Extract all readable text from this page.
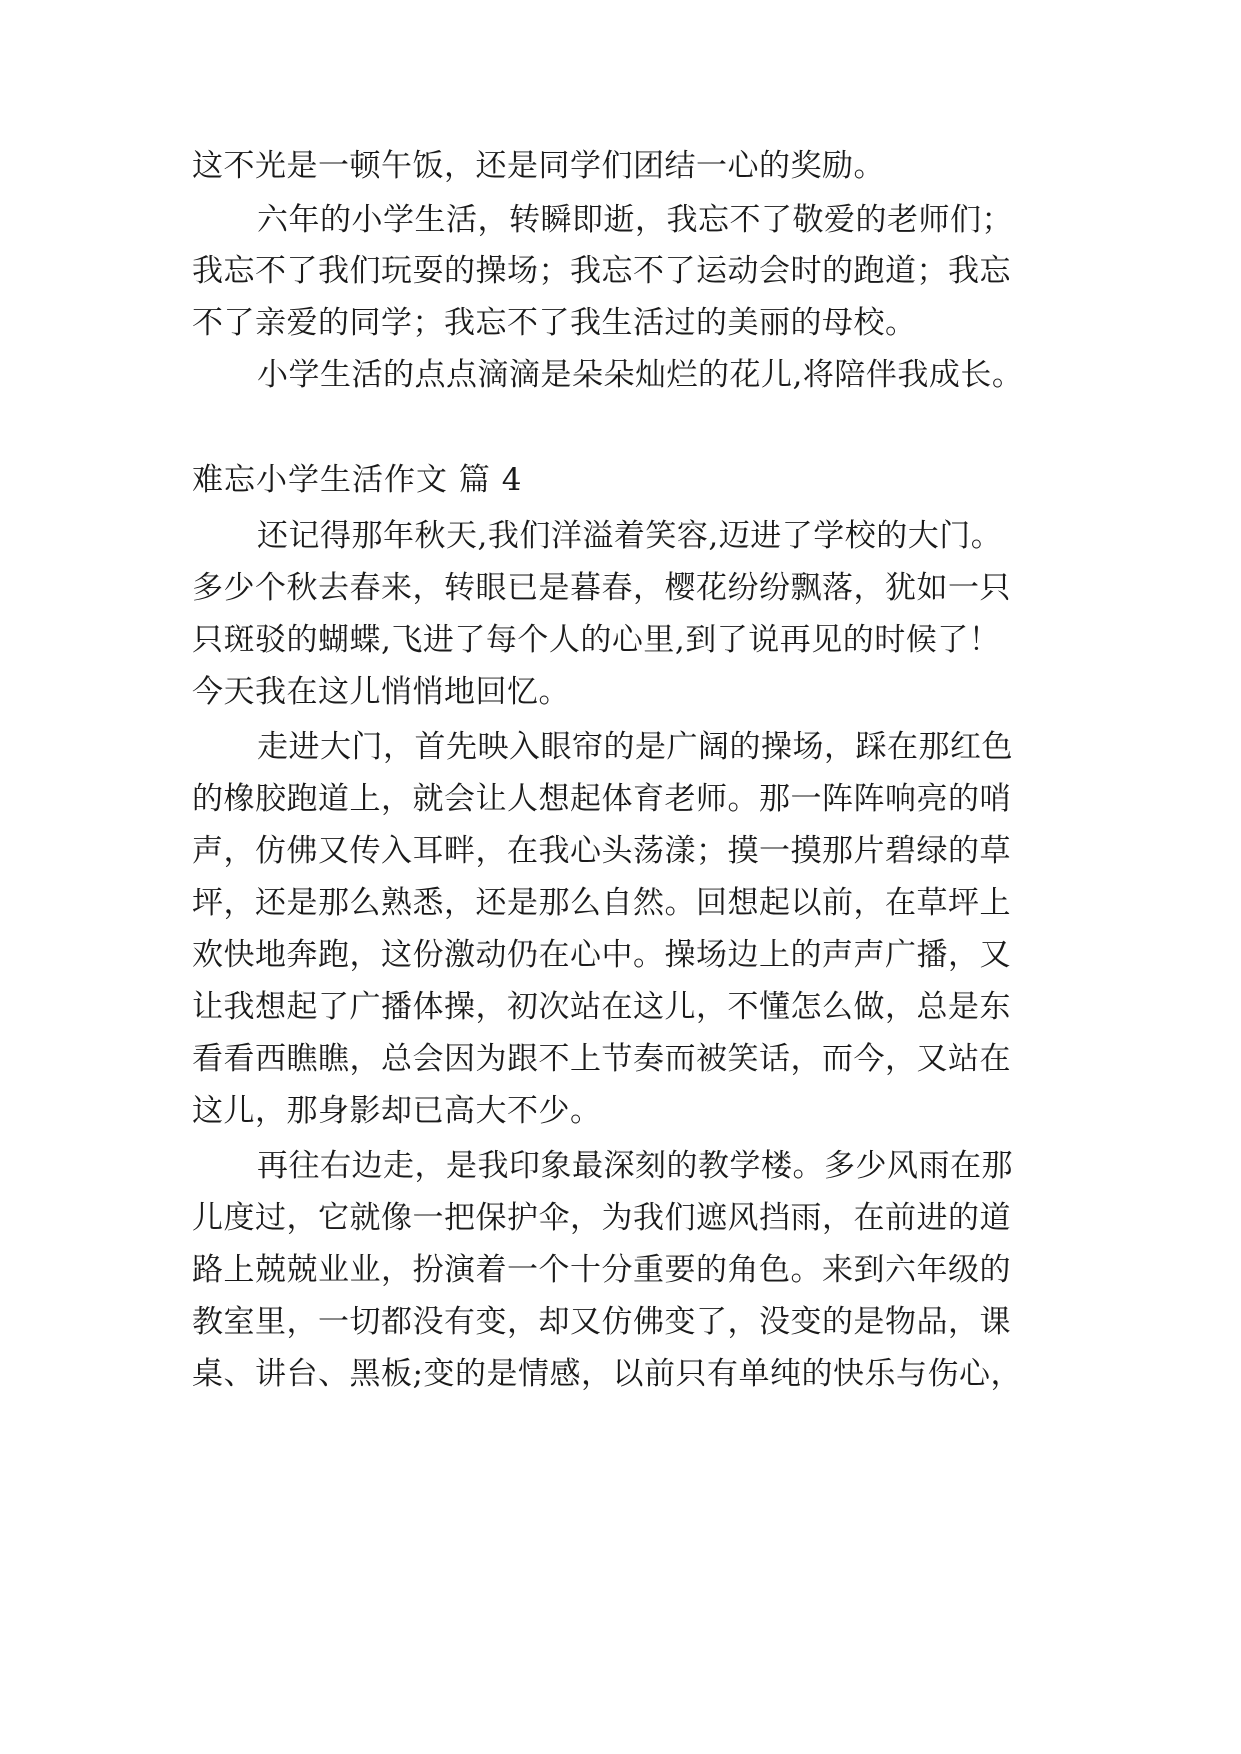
这不光是一顿午饭，还是同学们团结一心的奖励。
六年的小学生活，转瞬即逝，我忘不了敬爱的老师们；
我忘不了我们玩耍的操场；我忘不了运动会时的跑道；我忘
不了亲爱的同学；我忘不了我生活过的美丽的母校。
小学生活的点点滴滴是朵朵灿烂的花儿,将陪伴我成长。
难忘小学生活作文 篇 4
还记得那年秋天,我们洋溢着笑容,迈进了学校的大门。
多少个秋去春来，转眼已是暮春，樱花纷纷飘落，犹如一只
只斑驳的蝴蝶,飞进了每个人的心里,到了说再见的时候了！
今天我在这儿悄悄地回忆。
走进大门，首先映入眼帘的是广阔的操场，踩在那红色
的橡胶跑道上，就会让人想起体育老师。那一阵阵响亮的哨
声，仿佛又传入耳畔，在我心头荡漾；摸一摸那片碧绿的草
坪，还是那么熟悉，还是那么自然。回想起以前，在草坪上
欢快地奔跑，这份激动仍在心中。操场边上的声声广播，又
让我想起了广播体操，初次站在这儿，不懂怎么做，总是东
看看西瞧瞧，总会因为跟不上节奏而被笑话，而今，又站在
这儿，那身影却已高大不少。
再往右边走，是我印象最深刻的教学楼。多少风雨在那
儿度过，它就像一把保护伞，为我们遮风挡雨，在前进的道
路上兢兢业业，扮演着一个十分重要的角色。来到六年级的
教室里，一切都没有变，却又仿佛变了，没变的是物品，课
桌、讲台、黑板;变的是情感，以前只有单纯的快乐与伤心，
